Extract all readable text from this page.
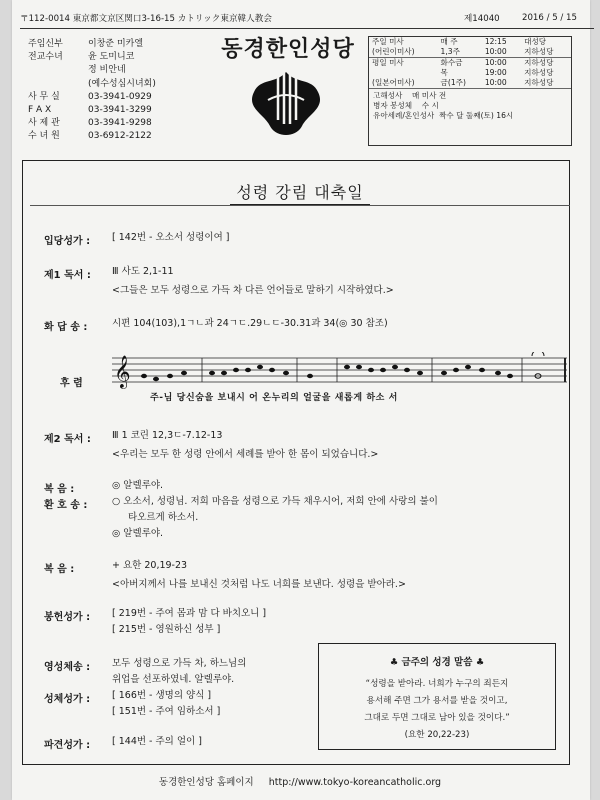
〒112-0014 東京都文京区関口3-16-15 カトリック東京韓人教会	제14040	2016 / 5 / 15
주임신부	이창준 미카엘
전교수녀	윤 도미니코
정 비안네
(예수성심시녀회)
사 무 실	03-3941-0929
F A X	03-3941-3299
사 제 관	03-3941-9298
수 녀 원	03-6912-2122
동경한인성당	주일 미사	매 주	12:15	대성당
(어린이미사)	1,3주	10:00	지하성당
평일 미사	화수금	10:00	지하성당
	목	19:00	지하성당
(일본어미사)	금(1주)	10:00	지하성당
고해성사 매 미사 전
병자 봉성체 수 시
유아세례/혼인성사 짝수 달 둘째(토) 16시
성령 강림 대축일
입당성가 : [ 142번 - 오소서 성령이여 ]
제1 독서 : Ⅲ 사도 2,1-11
<그들은 모두 성령으로 가득 차 다른 언어들로 말하기 시작하였다.>
화 답 송 :	시편 104(103),1ㄱㄴ과 24ㄱㄷ.29ㄴㄷ-30.31과 34(◎ 30 참조)
후 렴 𝄞
주-님 당신숨을 보내시 어 온누리의 얼굴을 새롭게 하소 서
제2 독서 : Ⅲ 1 코린 12,3ㄷ-7.12-13
<우리는 모두 한 성령 안에서 세례를 받아 한 몸이 되었습니다.>
복 음 :	◎ 알렐루야.
환 호 송 :	○ 오소서, 성령님. 저희 마음을 성령으로 가득 채우시어, 저희 안에 사랑의 불이
타오르게 하소서.
◎ 알렐루야.
복 음 :	+ 요한 20,19-23
<아버지께서 나를 보내신 것처럼 나도 너희를 보낸다. 성령을 받아라.>
봉헌성가 : [ 219번 - 주여 몸과 맘 다 바치오니 ]
[ 215번 - 영원하신 성부 ]
영성체송 : 모두 성령으로 가득 차, 하느님의
위업을 선포하였네. 알렐루야.
성체성가 : [ 166번 - 생명의 양식 ]
[ 151번 - 주여 임하소서 ]
파견성가 : [ 144번 - 주의 얼이 ]
♣ 금주의 성경 말씀 ♣
“성령을 받아라. 너희가 누구의 죄든지
용서해 주면 그가 용서를 받을 것이고,
그대로 두면 그대로 남아 있을 것이다.”
(요한 20,22-23)
동경한인성당 홈페이지 http://www.tokyo-koreancatholic.org
